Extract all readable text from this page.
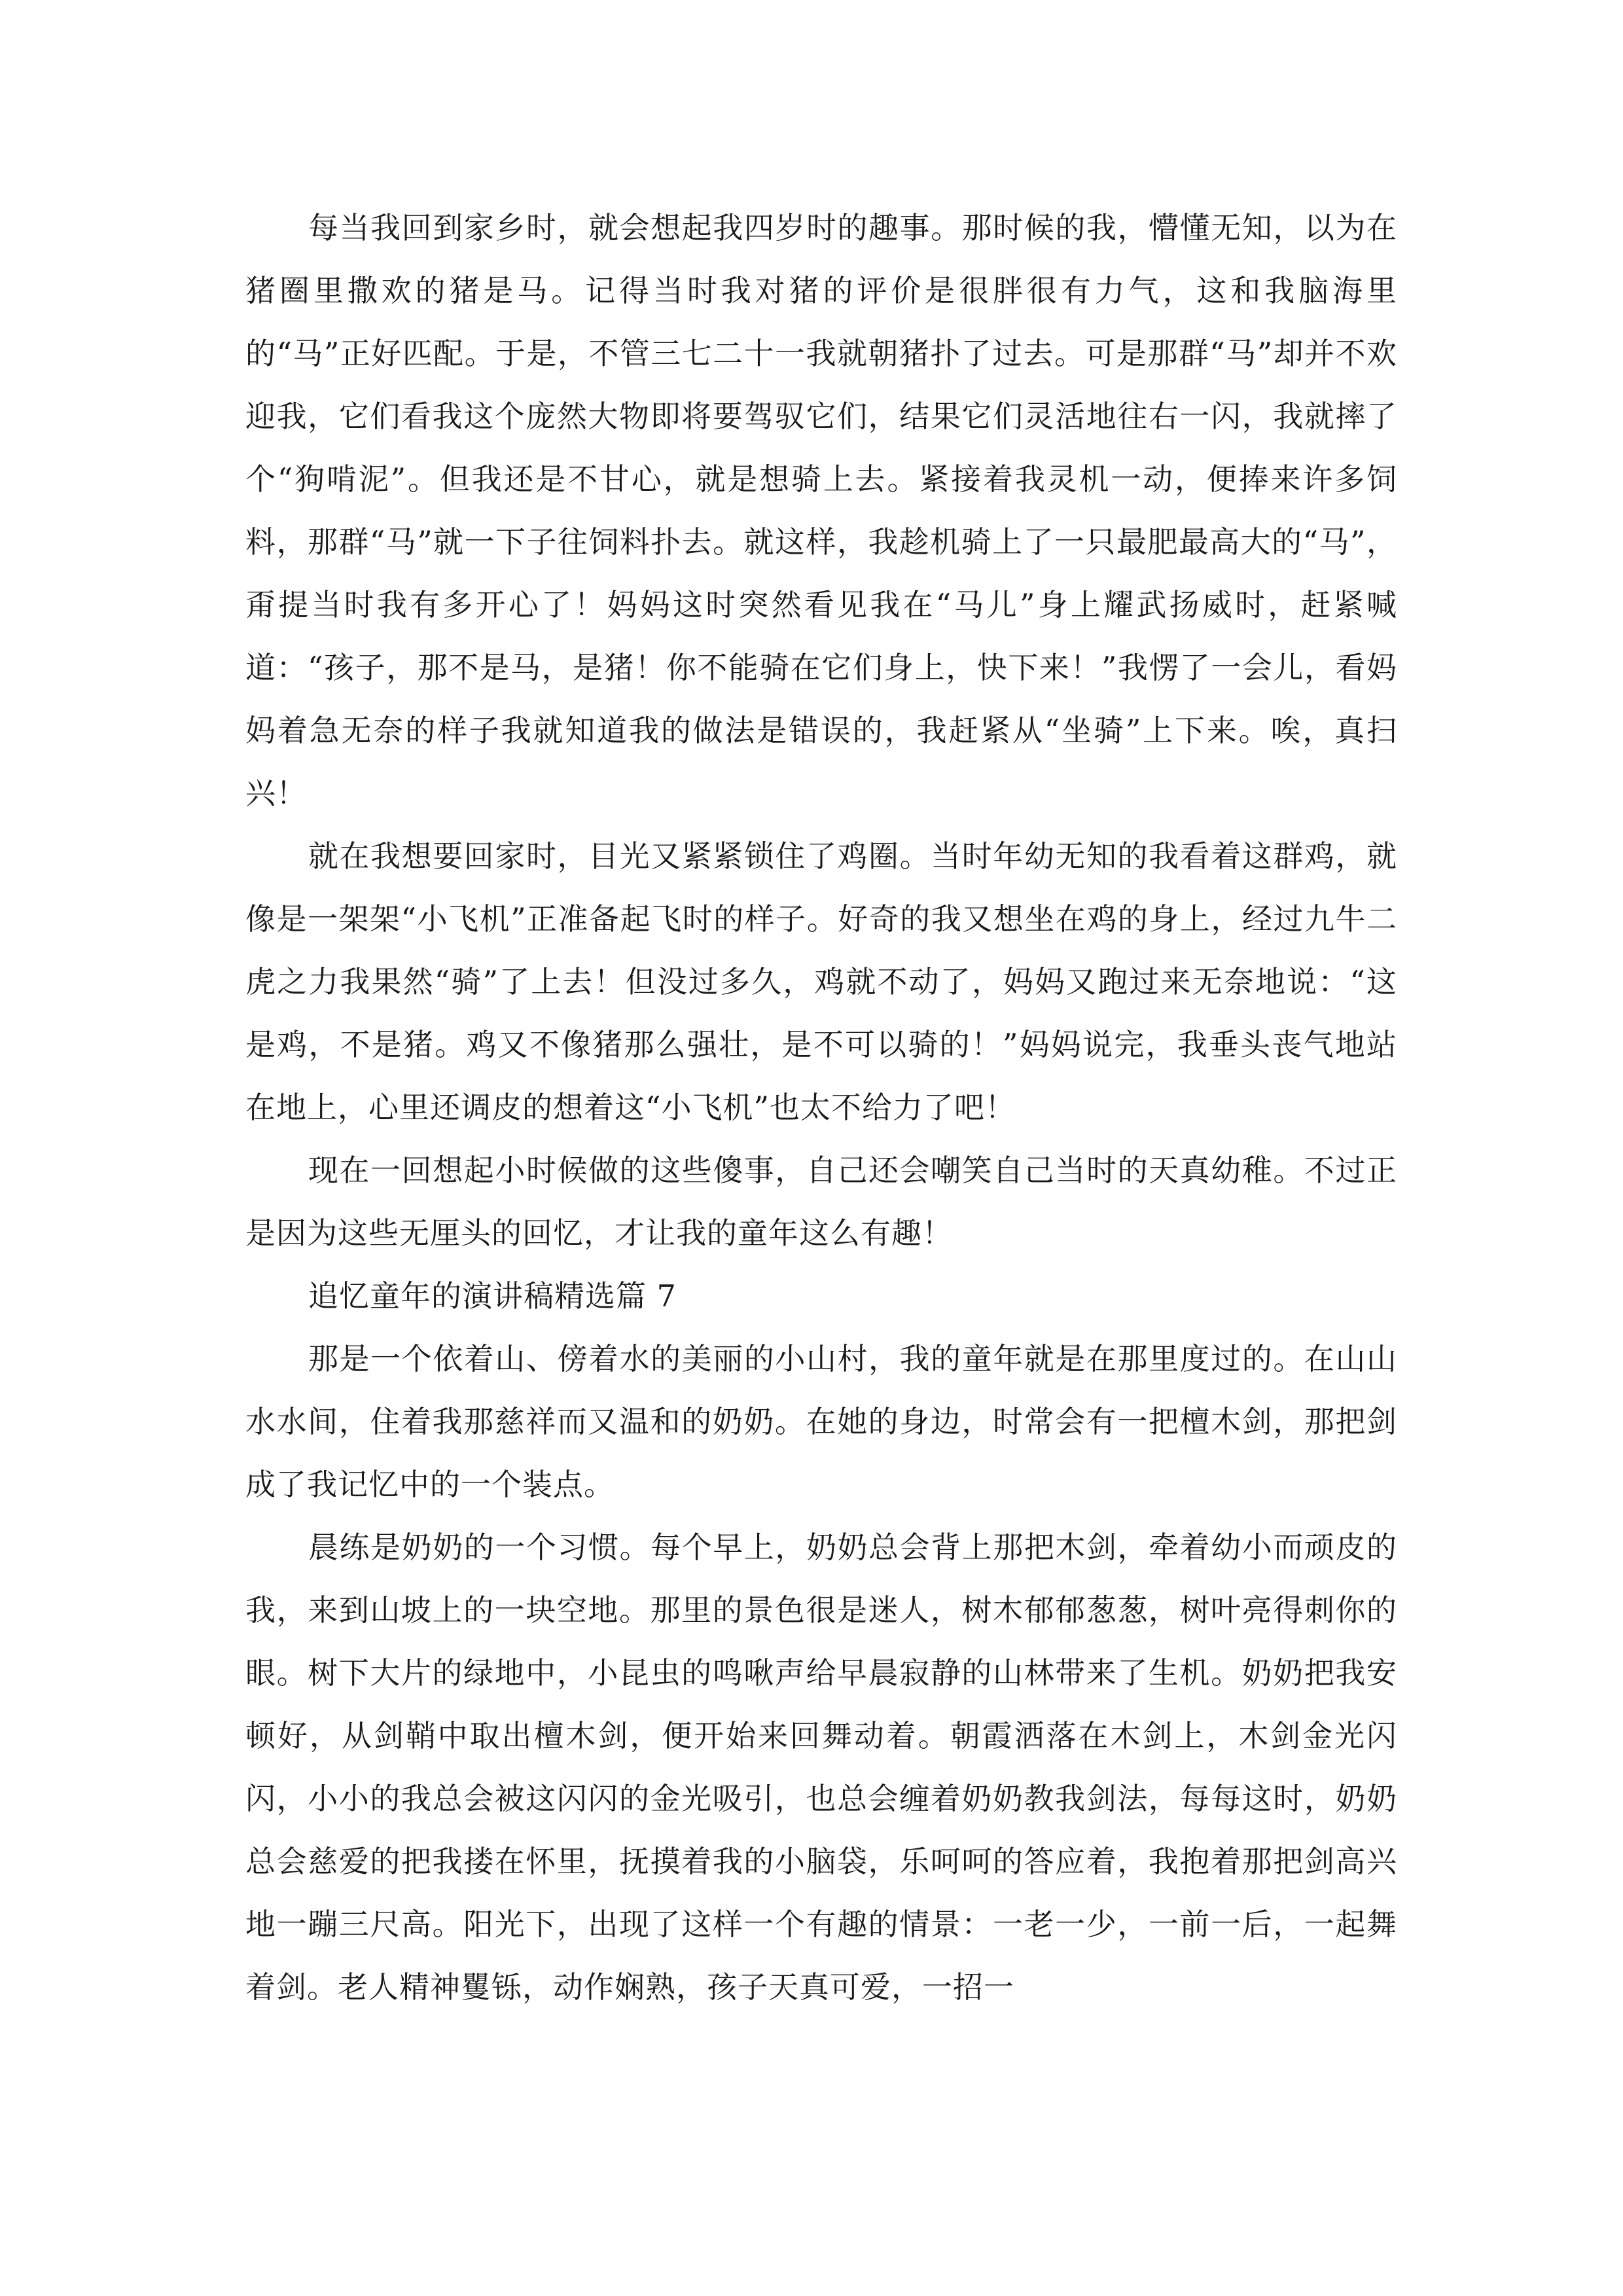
每当我回到家乡时，就会想起我四岁时的趣事。那时候的我，懵懂无知，以为在猪圈里撒欢的猪是马。记得当时我对猪的评价是很胖很有力气，这和我脑海里的“马”正好匹配。于是，不管三七二十一我就朝猪扑了过去。可是那群“马”却并不欢迎我，它们看我这个庞然大物即将要驾驭它们，结果它们灵活地往右一闪，我就摔了个“狗啃泥”。但我还是不甘心，就是想骑上去。紧接着我灵机一动，便捧来许多饲料，那群“马”就一下子往饲料扑去。就这样，我趁机骑上了一只最肥最高大的“马”，甭提当时我有多开心了！妈妈这时突然看见我在“马儿”身上耀武扬威时，赶紧喊道：“孩子，那不是马，是猪！你不能骑在它们身上，快下来！”我愣了一会儿，看妈妈着急无奈的样子我就知道我的做法是错误的，我赶紧从“坐骑”上下来。唉，真扫兴！

就在我想要回家时，目光又紧紧锁住了鸡圈。当时年幼无知的我看着这群鸡，就像是一架架“小飞机”正准备起飞时的样子。好奇的我又想坐在鸡的身上，经过九牛二虎之力我果然“骑”了上去！但没过多久，鸡就不动了，妈妈又跑过来无奈地说：“这是鸡，不是猪。鸡又不像猪那么强壮，是不可以骑的！”妈妈说完，我垂头丧气地站在地上，心里还调皮的想着这“小飞机”也太不给力了吧！

现在一回想起小时候做的这些傻事，自己还会嘲笑自己当时的天真幼稚。不过正是因为这些无厘头的回忆，才让我的童年这么有趣！

追忆童年的演讲稿精选篇 7

那是一个依着山、傍着水的美丽的小山村，我的童年就是在那里度过的。在山山水水间，住着我那慈祥而又温和的奶奶。在她的身边，时常会有一把檀木剑，那把剑成了我记忆中的一个装点。

晨练是奶奶的一个习惯。每个早上，奶奶总会背上那把木剑，牵着幼小而顽皮的我，来到山坡上的一块空地。那里的景色很是迷人，树木郁郁葱葱，树叶亮得刺你的眼。树下大片的绿地中，小昆虫的鸣啾声给早晨寂静的山林带来了生机。奶奶把我安顿好，从剑鞘中取出檀木剑，便开始来回舞动着。朝霞洒落在木剑上，木剑金光闪闪，小小的我总会被这闪闪的金光吸引，也总会缠着奶奶教我剑法，每每这时，奶奶总会慈爱的把我搂在怀里，抚摸着我的小脑袋，乐呵呵的答应着，我抱着那把剑高兴地一蹦三尺高。阳光下，出现了这样一个有趣的情景：一老一少，一前一后，一起舞着剑。老人精神矍铄，动作娴熟，孩子天真可爱，一招一
